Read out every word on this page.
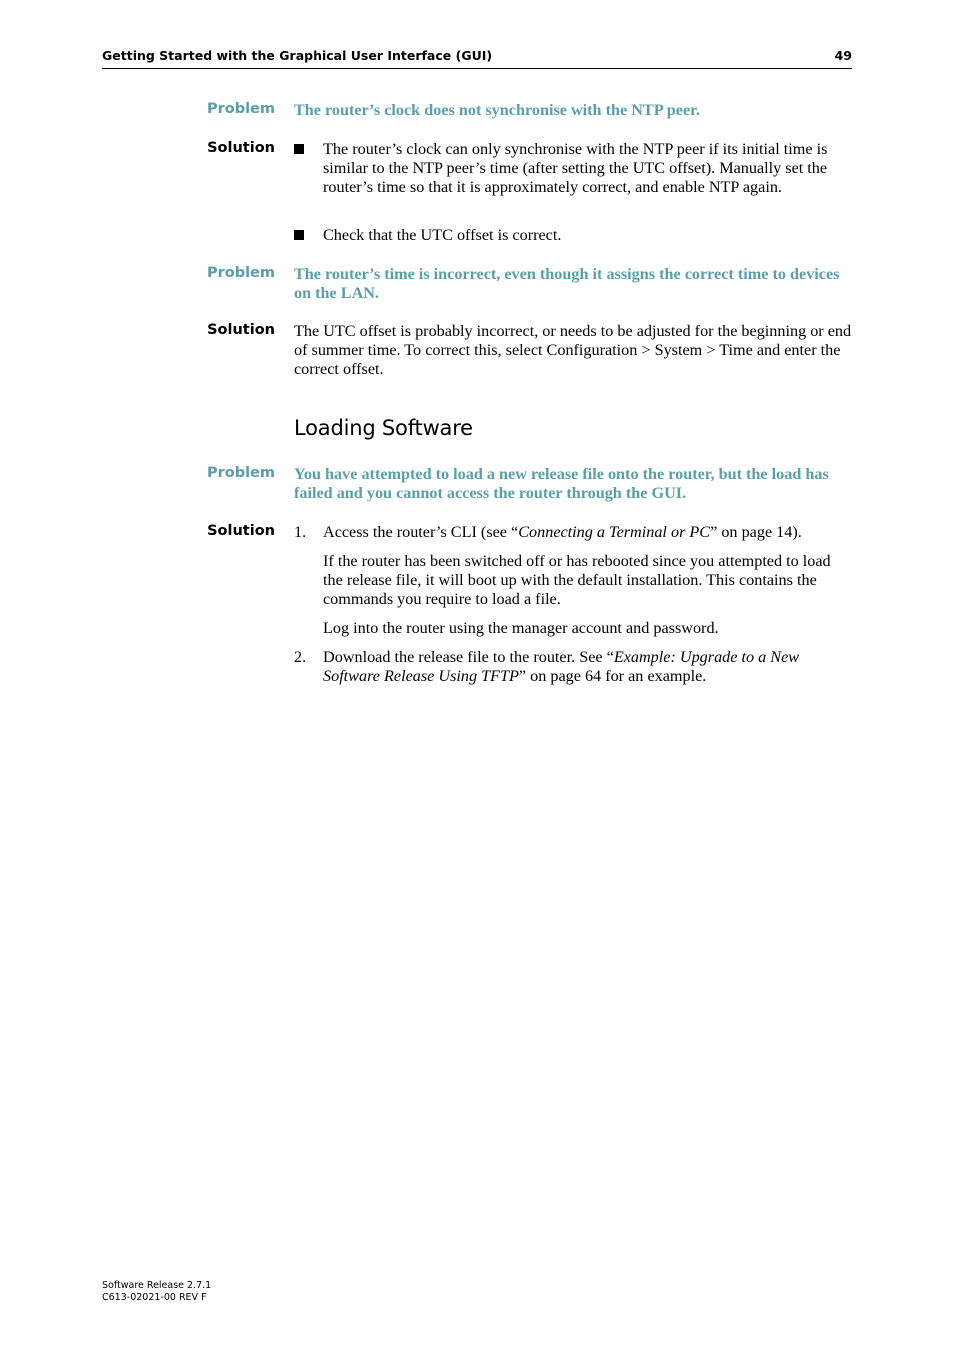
Getting Started with the Graphical User Interface (GUI)	49
Problem The router’s clock does not synchronise with the NTP peer.
Solution	The router’s clock can only synchronise with the NTP peer if its initial time is similar to the NTP peer’s time (after setting the UTC offset). Manually set the router’s time so that it is approximately correct, and enable NTP again.
Check that the UTC offset is correct.
Problem The router’s time is incorrect, even though it assigns the correct time to devices on the LAN.
Solution The UTC offset is probably incorrect, or needs to be adjusted for the beginning or end of summer time. To correct this, select Configuration > System > Time and enter the correct offset.
Loading Software
Problem You have attempted to load a new release file onto the router, but the load has failed and you cannot access the router through the GUI.
Solution 1. Access the router’s CLI (see “Connecting a Terminal or PC” on page 14).
If the router has been switched off or has rebooted since you attempted to load the release file, it will boot up with the default installation. This contains the commands you require to load a file.
Log into the router using the manager account and password.
2. Download the release file to the router. See “Example: Upgrade to a New Software Release Using TFTP” on page 64 for an example.
Software Release 2.7.1
C613-02021-00 REV F
